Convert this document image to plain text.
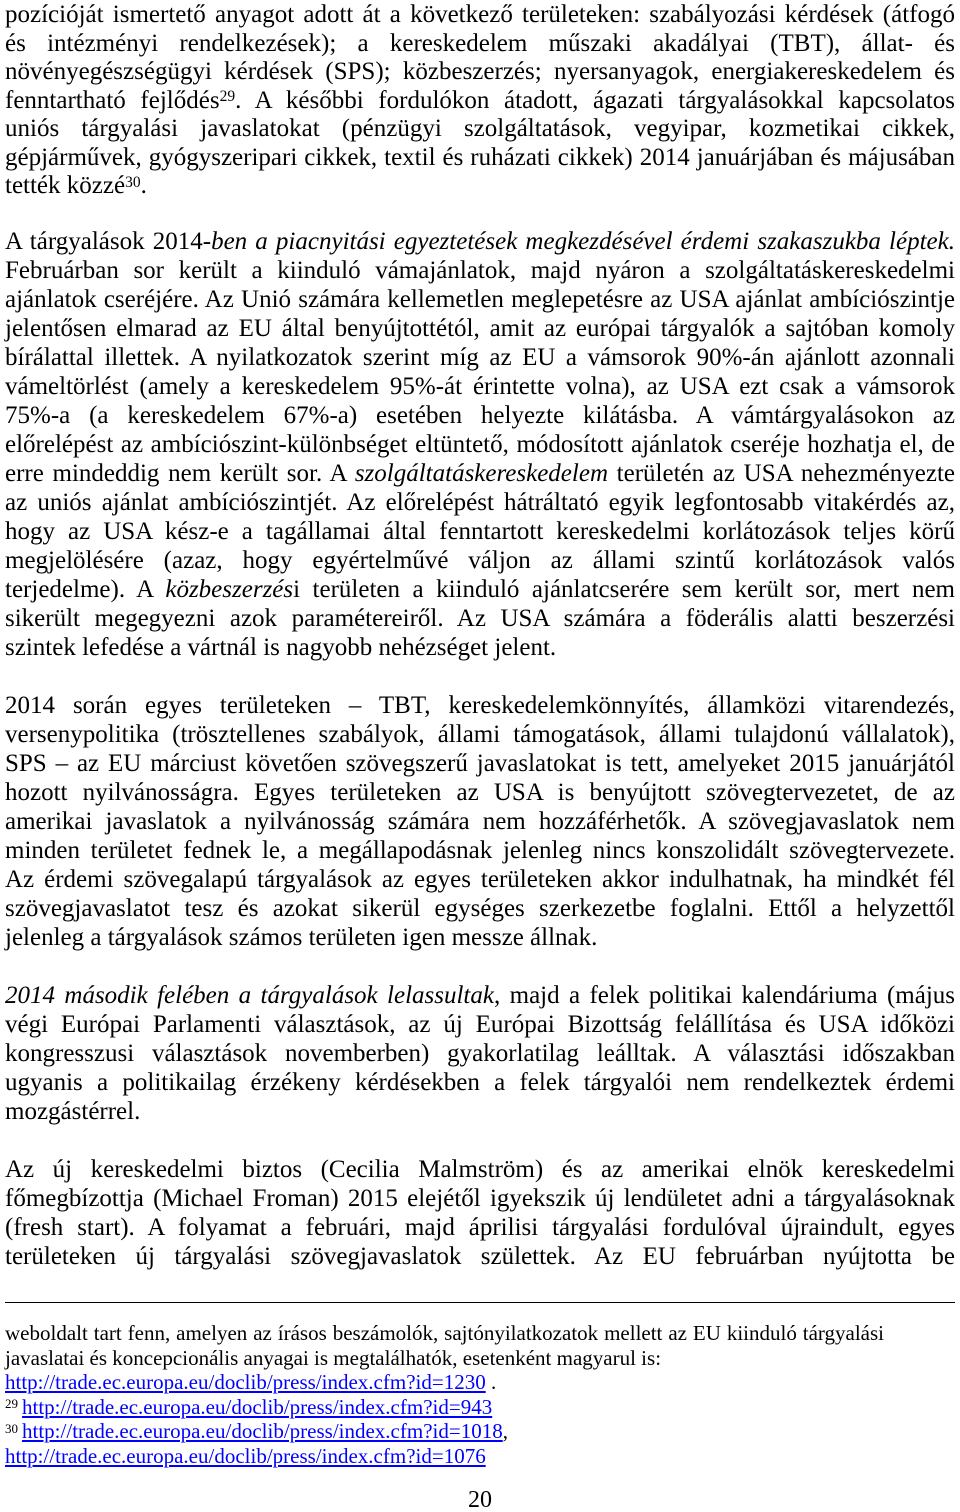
pozícióját ismertető anyagot adott át a következő területeken: szabályozási kérdések (átfogó
és intézményi rendelkezések); a kereskedelem műszaki akadályai (TBT), állat- és
növényegészségügyi kérdések (SPS); közbeszerzés; nyersanyagok, energiakereskedelem és
fenntartható fejlődés$^{29}$. A későbbi fordulókon átadott, ágazati tárgyalásokkal kapcsolatos
uniós tárgyalási javaslatokat (pénzügyi szolgáltatások, vegyipar, kozmetikai cikkek,
gépjárművek, gyógyszeripari cikkek, textil és ruházati cikkek) 2014 januárjában és májusában
tették közzé$^{30}$.
A tárgyalások 2014-ben a piacnyitási egyeztetések megkezdésével érdemi szakaszukba léptek.
Februárban sor került a kiinduló vámajánlatok, majd nyáron a szolgáltatáskereskedelmi
ajánlatok cseréjére. Az Unió számára kellemetlen meglepetésre az USA ajánlat ambíciószintje
jelentősen elmarad az EU által benyújtottétól, amit az európai tárgyalók a sajtóban komoly
bírálattal illettek. A nyilatkozatok szerint míg az EU a vámsorok 90%-án ajánlott azonnali
vámeltörlést (amely a kereskedelem 95%-át érintette volna), az USA ezt csak a vámsorok
75%-a (a kereskedelem 67%-a) esetében helyezte kilátásba. A vámtárgyalásokon az
előrelépést az ambíciószint-különbséget eltüntető, módosított ajánlatok cseréje hozhatja el, de
erre mindeddig nem került sor. A szolgáltatáskereskedelem területén az USA nehezményezte
az uniós ajánlat ambíciószintjét. Az előrelépést hátráltató egyik legfontosabb vitakérdés az,
hogy az USA kész-e a tagállamai által fenntartott kereskedelmi korlátozások teljes körű
megjelölésére (azaz, hogy egyértelművé váljon az állami szintű korlátozások valós
terjedelme). A közbeszerzési területen a kiinduló ajánlatcserére sem került sor, mert nem
sikerült megegyezni azok paramétereiről. Az USA számára a föderális alatti beszerzési
szintek lefedése a vártnál is nagyobb nehézséget jelent.
2014 során egyes területeken – TBT, kereskedelemkönnyítés, államközi vitarendezés,
versenypolitika (trösztellenes szabályok, állami támogatások, állami tulajdonú vállalatok),
SPS – az EU márciust követően szövegszerű javaslatokat is tett, amelyeket 2015 januárjától
hozott nyilvánosságra. Egyes területeken az USA is benyújtott szövegtervezetet, de az
amerikai javaslatok a nyilvánosság számára nem hozzáférhetők. A szövegjavaslatok nem
minden területet fednek le, a megállapodásnak jelenleg nincs konszolidált szövegtervezete.
Az érdemi szövegalapú tárgyalások az egyes területeken akkor indulhatnak, ha mindkét fél
szövegjavaslatot tesz és azokat sikerül egységes szerkezetbe foglalni. Ettől a helyzettől
jelenleg a tárgyalások számos területen igen messze állnak.
2014 második felében a tárgyalások lelassultak, majd a felek politikai kalendáriuma (május
végi Európai Parlamenti választások, az új Európai Bizottság felállítása és USA időközi
kongresszusi választások novemberben) gyakorlatilag leálltak. A választási időszakban
ugyanis a politikailag érzékeny kérdésekben a felek tárgyalói nem rendelkeztek érdemi
mozgástérrel.
Az új kereskedelmi biztos (Cecilia Malmström) és az amerikai elnök kereskedelmi
főmegbízottja (Michael Froman) 2015 elejétől igyekszik új lendületet adni a tárgyalásoknak
(fresh start). A folyamat a februári, majd áprilisi tárgyalási fordulóval újraindult, egyes
területeken új tárgyalási szövegjavaslatok születtek. Az EU februárban nyújtotta be
weboldalt tart fenn, amelyen az írásos beszámolók, sajtónyilatkozatok mellett az EU kiinduló tárgyalási
javaslatai és koncepcionális anyagai is megtalálhatók, esetenként magyarul is:
http://trade.ec.europa.eu/doclib/press/index.cfm?id=1230 .
$^{29}$ http://trade.ec.europa.eu/doclib/press/index.cfm?id=943
$^{30}$ http://trade.ec.europa.eu/doclib/press/index.cfm?id=1018,
http://trade.ec.europa.eu/doclib/press/index.cfm?id=1076
20
